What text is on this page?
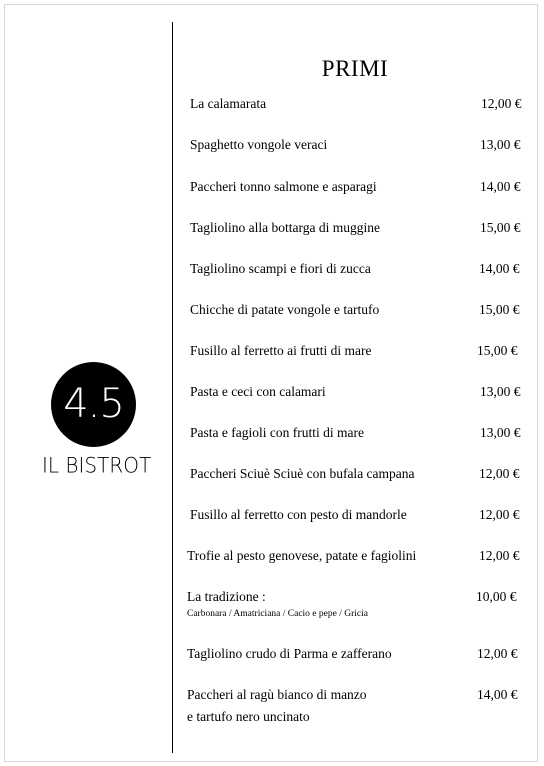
4.5
IL BISTROT
PRIMI
La calamarata	12,00 €
Spaghetto vongole veraci	13,00 €
Paccheri tonno salmone e asparagi	14,00 €
Tagliolino alla bottarga di muggine	15,00 €
Tagliolino scampi e fiori di zucca	14,00 €
Chicche di patate vongole e tartufo	15,00 €
Fusillo al ferretto ai frutti di mare	15,00 €
Pasta e ceci con calamari	13,00 €
Pasta e fagioli con frutti di mare	13,00 €
Paccheri Sciuè Sciuè con bufala campana	12,00 €
Fusillo al ferretto con pesto di mandorle	12,00 €
Trofie al pesto genovese, patate e fagiolini	12,00 €
La tradizione :	10,00 €
Carbonara / Amatriciana / Cacio e pepe / Gricia
Tagliolino crudo di Parma e zafferano	12,00 €
Paccheri al ragù bianco di manzo	14,00 €
e tartufo nero uncinato
